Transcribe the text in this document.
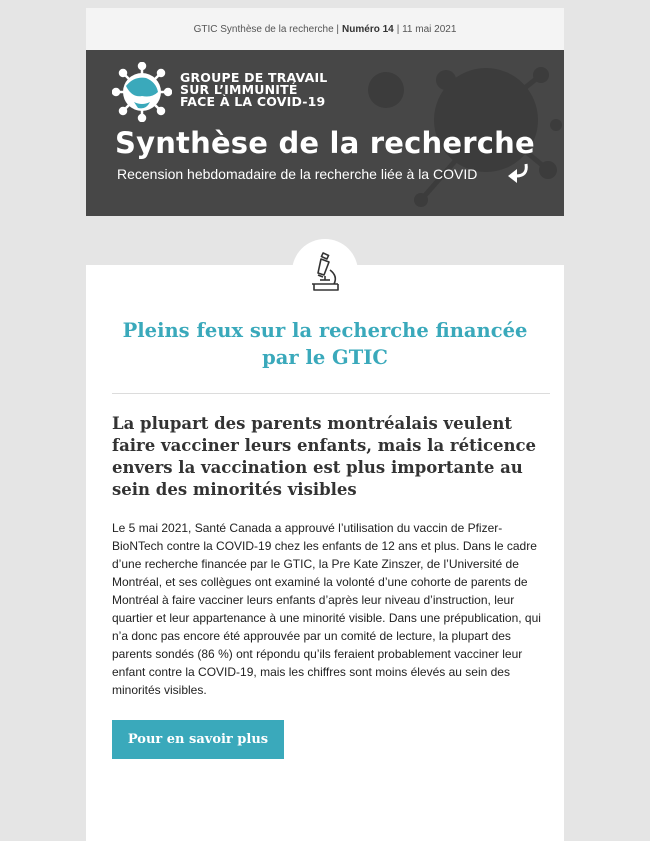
GTIC Synthèse de la recherche | Numéro 14 | 11 mai 2021
GROUPE DE TRAVAIL
SUR L’IMMUNITÉ
FACE À LA COVID-19
Synthèse de la recherche
Recension hebdomadaire de la recherche liée à la COVID
Pleins feux sur la recherche financée par le GTIC
La plupart des parents montréalais veulent faire vacciner leurs enfants, mais la réticence envers la vaccination est plus importante au sein des minorités visibles
Le 5 mai 2021, Santé Canada a approuvé l’utilisation du vaccin de Pfizer-BioNTech contre la COVID-19 chez les enfants de 12 ans et plus. Dans le cadre d’une recherche financée par le GTIC, la Pre Kate Zinszer, de l’Université de Montréal, et ses collègues ont examiné la volonté d’une cohorte de parents de Montréal à faire vacciner leurs enfants d’après leur niveau d’instruction, leur quartier et leur appartenance à une minorité visible. Dans une prépublication, qui n’a donc pas encore été approuvée par un comité de lecture, la plupart des parents sondés (86 %) ont répondu qu’ils feraient probablement vacciner leur enfant contre la COVID-19, mais les chiffres sont moins élevés au sein des minorités visibles.
Pour en savoir plus
